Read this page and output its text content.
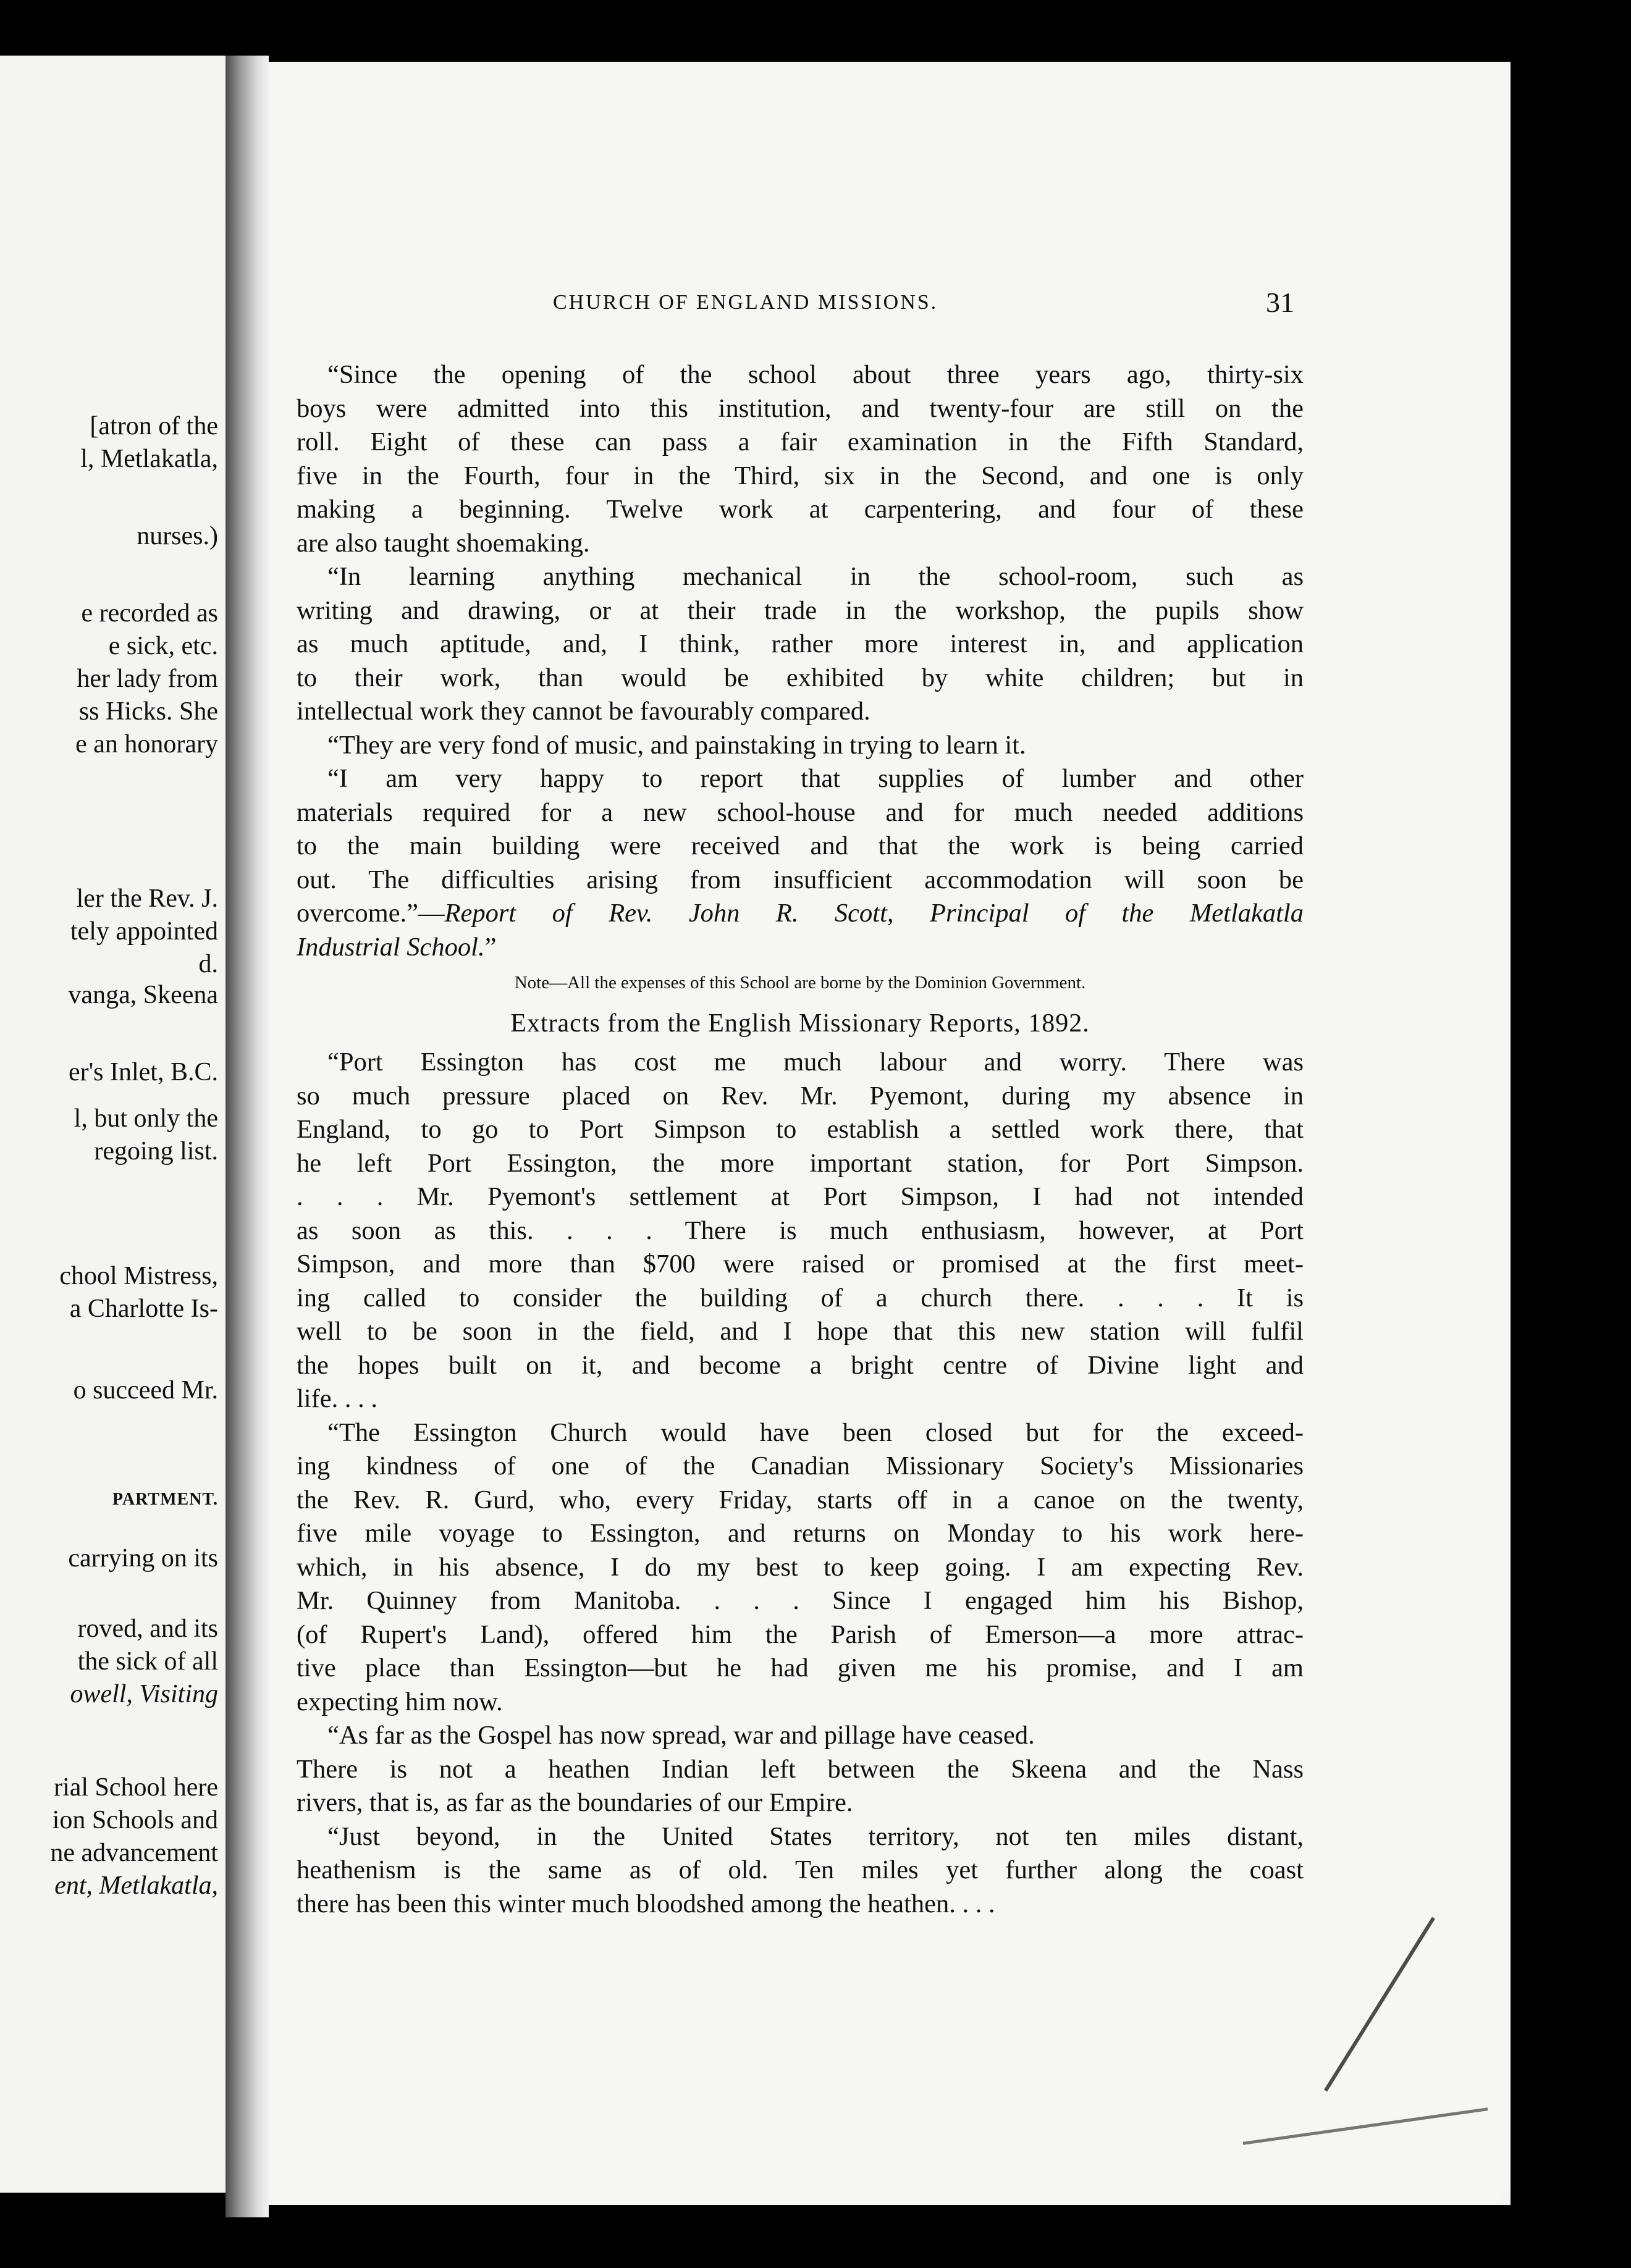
[atron of the
l, Metlakatla,
nurses.)
e recorded as
e sick, etc.
her lady from
ss Hicks. She
e an honorary
ler the Rev. J.
tely appointed
d.
vanga, Skeena
er's Inlet, B.C.
l, but only the
regoing list.
chool Mistress,
a Charlotte Is-
o succeed Mr.
PARTMENT.
carrying on its
roved, and its
the sick of all
owell, Visiting
rial School here
ion Schools and
ne advancement
ent, Metlakatla,
CHURCH OF ENGLAND MISSIONS.	31
“Since the opening of the school about three years ago, thirty-six
boys were admitted into this institution, and twenty-four are still on the
roll. Eight of these can pass a fair examination in the Fifth Standard,
five in the Fourth, four in the Third, six in the Second, and one is only
making a beginning. Twelve work at carpentering, and four of these
are also taught shoemaking.
“In learning anything mechanical in the school-room, such as
writing and drawing, or at their trade in the workshop, the pupils show
as much aptitude, and, I think, rather more interest in, and application
to their work, than would be exhibited by white children; but in
intellectual work they cannot be favourably compared.
“They are very fond of music, and painstaking in trying to learn it.
“I am very happy to report that supplies of lumber and other
materials required for a new school-house and for much needed additions
to the main building were received and that the work is being carried
out. The difficulties arising from insufficient accommodation will soon be
overcome.”—Report of Rev. John R. Scott, Principal of the Metlakatla
Industrial School.”
Note—All the expenses of this School are borne by the Dominion Government.
Extracts from the English Missionary Reports, 1892.
“Port Essington has cost me much labour and worry. There was
so much pressure placed on Rev. Mr. Pyemont, during my absence in
England, to go to Port Simpson to establish a settled work there, that
he left Port Essington, the more important station, for Port Simpson.
. . . Mr. Pyemont's settlement at Port Simpson, I had not intended
as soon as this. . . . There is much enthusiasm, however, at Port
Simpson, and more than $700 were raised or promised at the first meet-
ing called to consider the building of a church there. . . . It is
well to be soon in the field, and I hope that this new station will fulfil
the hopes built on it, and become a bright centre of Divine light and
life. . . .
“The Essington Church would have been closed but for the exceed-
ing kindness of one of the Canadian Missionary Society's Missionaries
the Rev. R. Gurd, who, every Friday, starts off in a canoe on the twenty,
five mile voyage to Essington, and returns on Monday to his work here-
which, in his absence, I do my best to keep going. I am expecting Rev.
Mr. Quinney from Manitoba. . . . Since I engaged him his Bishop,
(of Rupert's Land), offered him the Parish of Emerson—a more attrac-
tive place than Essington—but he had given me his promise, and I am
expecting him now.
“As far as the Gospel has now spread, war and pillage have ceased.
There is not a heathen Indian left between the Skeena and the Nass
rivers, that is, as far as the boundaries of our Empire.
“Just beyond, in the United States territory, not ten miles distant,
heathenism is the same as of old. Ten miles yet further along the coast
there has been this winter much bloodshed among the heathen. . . .
